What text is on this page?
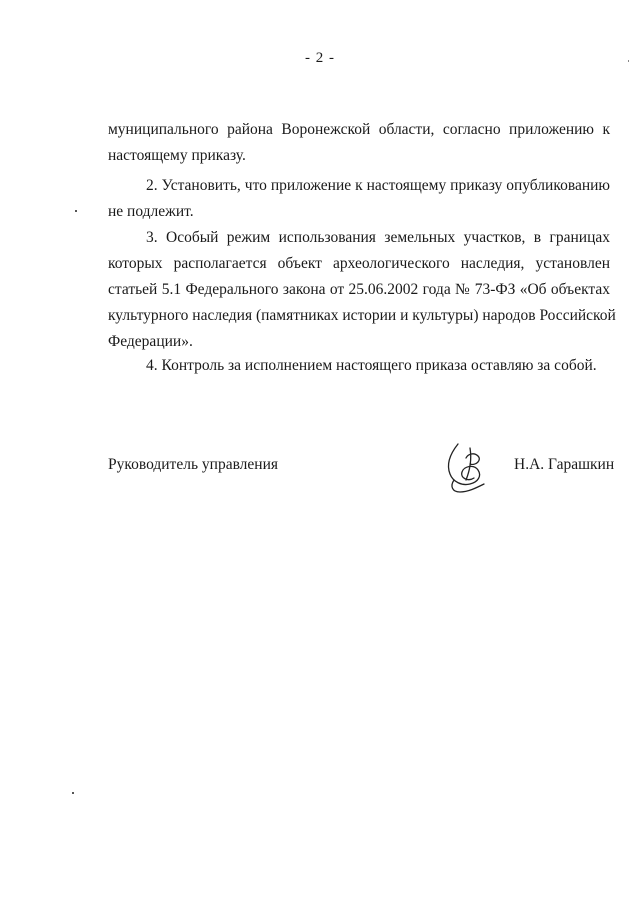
- 2 -
муниципального района Воронежской области, согласно приложению к
настоящему приказу.
2. Установить, что приложение к настоящему приказу опубликованию
не подлежит.
3. Особый режим использования земельных участков, в границах
которых располагается объект археологического наследия, установлен
статьей 5.1 Федерального закона от 25.06.2002 года № 73-ФЗ «Об объектах
культурного наследия (памятниках истории и культуры) народов Российской
Федерации».
4. Контроль за исполнением настоящего приказа оставляю за собой.
Руководитель управления	Н.А. Гарашкин
